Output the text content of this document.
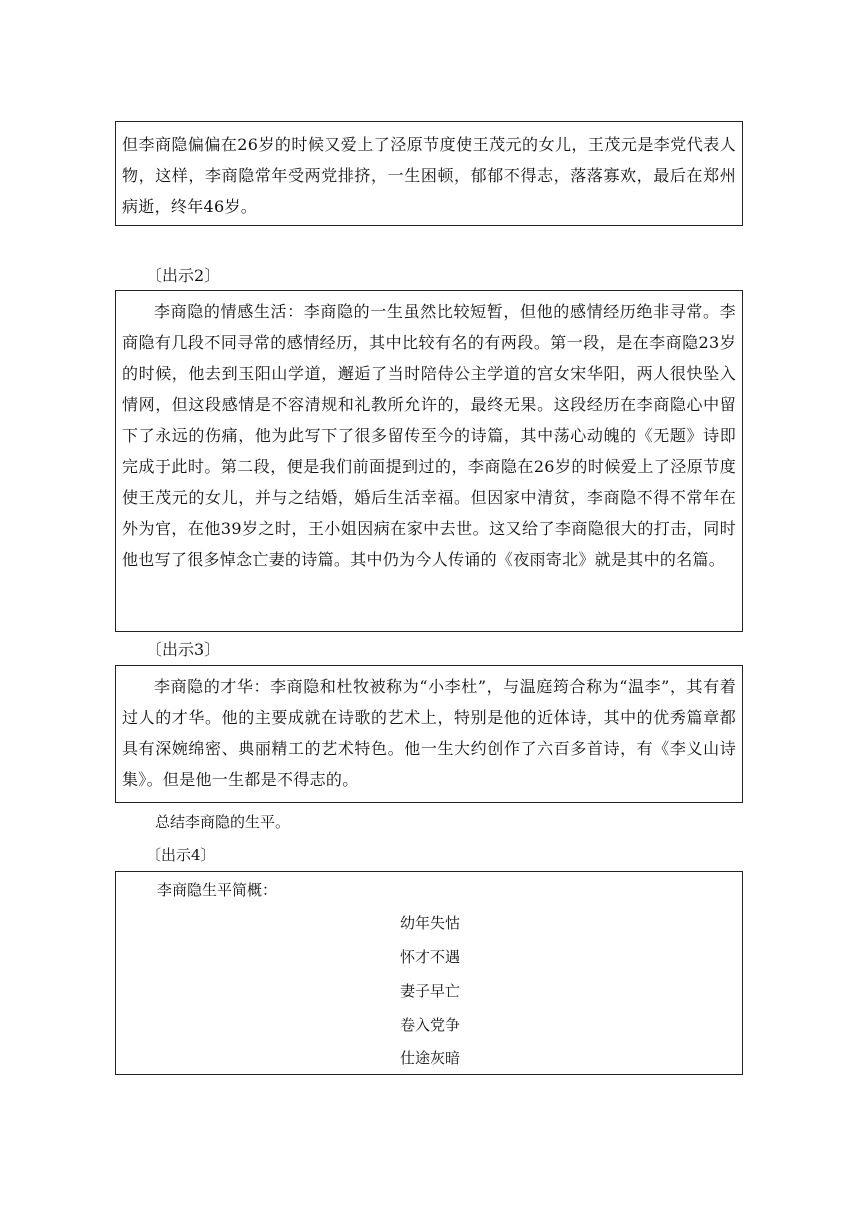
但李商隐偏偏在26岁的时候又爱上了泾原节度使王茂元的女儿，王茂元是李党代表人物，这样，李商隐常年受两党排挤，一生困顿，郁郁不得志，落落寡欢，最后在郑州病逝，终年46岁。

〔出示2〕

李商隐的情感生活：李商隐的一生虽然比较短暂，但他的感情经历绝非寻常。李商隐有几段不同寻常的感情经历，其中比较有名的有两段。第一段，是在李商隐23岁的时候，他去到玉阳山学道，邂逅了当时陪侍公主学道的宫女宋华阳，两人很快坠入情网，但这段感情是不容清规和礼教所允许的，最终无果。这段经历在李商隐心中留下了永远的伤痛，他为此写下了很多留传至今的诗篇，其中荡心动魄的《无题》诗即完成于此时。第二段，便是我们前面提到过的，李商隐在26岁的时候爱上了泾原节度使王茂元的女儿，并与之结婚，婚后生活幸福。但因家中清贫，李商隐不得不常年在外为官，在他39岁之时，王小姐因病在家中去世。这又给了李商隐很大的打击，同时他也写了很多悼念亡妻的诗篇。其中仍为今人传诵的《夜雨寄北》就是其中的名篇。

〔出示3〕

李商隐的才华：李商隐和杜牧被称为“小李杜”，与温庭筠合称为“温李”，其有着过人的才华。他的主要成就在诗歌的艺术上，特别是他的近体诗，其中的优秀篇章都具有深婉绵密、典丽精工的艺术特色。他一生大约创作了六百多首诗，有《李义山诗集》。但是他一生都是不得志的。

总结李商隐的生平。

〔出示4〕

李商隐生平简概：

幼年失怙

怀才不遇

妻子早亡

卷入党争

仕途灰暗
